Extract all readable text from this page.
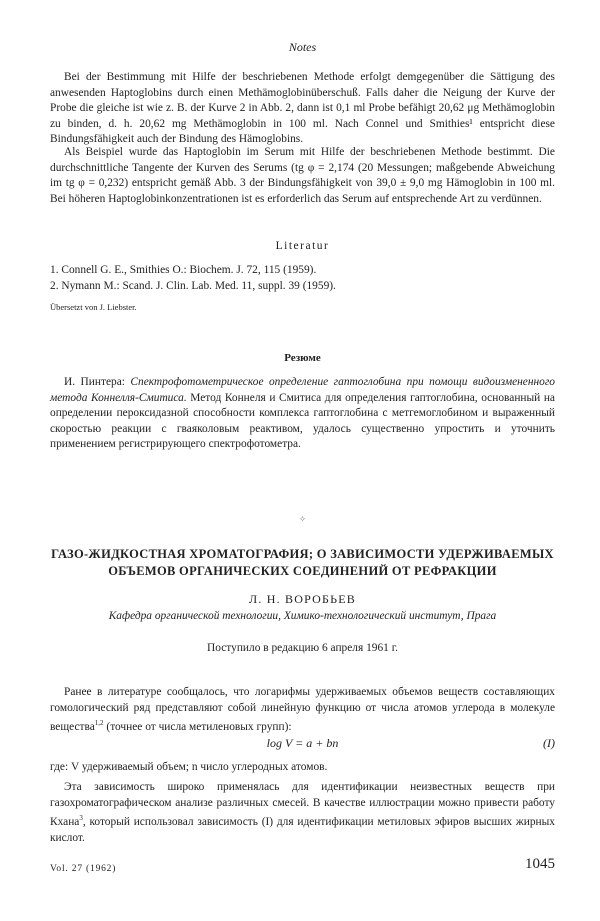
Notes

Bei der Bestimmung mit Hilfe der beschriebenen Methode erfolgt demgegenüber die Sättigung des anwesenden Haptoglobins durch einen Methämoglobinüberschuß. Falls daher die Neigung der Kurve der Probe die gleiche ist wie z. B. der Kurve 2 in Abb. 2, dann ist 0,1 ml Probe befähigt 20,62 μg Methämoglobin zu binden, d. h. 20,62 mg Methämoglobin in 100 ml. Nach Connel und Smithies¹ entspricht diese Bindungsfähigkeit auch der Bindung des Hämoglobins.

Als Beispiel wurde das Haptoglobin im Serum mit Hilfe der beschriebenen Methode bestimmt. Die durchschnittliche Tangente der Kurven des Serums (tg φ = 2,174 (20 Messungen; maßgebende Abweichung im tg φ = 0,232) entspricht gemäß Abb. 3 der Bindungsfähigkeit von 39,0 ± 9,0 mg Hämoglobin in 100 ml. Bei höheren Haptoglobinkonzentrationen ist es erforderlich das Serum auf entsprechende Art zu verdünnen.

Literatur

1. Connell G. E., Smithies O.: Biochem. J. 72, 115 (1959).

2. Nymann M.: Scand. J. Clin. Lab. Med. 11, suppl. 39 (1959).

Übersetzt von J. Liebster.
Резюме

И. Пинтера: Спектрофотометрическое определение гаптоглобина при помощи видоизмененного метода Коннелля-Смитиса. Метод Коннеля и Смитиса для определения гаптоглобина, основанный на определении пероксидазной способности комплекса гаптоглобина с метгемоглобином и выраженный скоростью реакции с гваяколовым реактивом, удалось существенно упростить и уточнить применением регистрирующего спектрофотометра.

✧
ГАЗО-ЖИДКОСТНАЯ ХРОМАТОГРАФИЯ; О ЗАВИСИМОСТИ УДЕРЖИВАЕМЫХ
ОБЪЕМОВ ОРГАНИЧЕСКИХ СОЕДИНЕНИЙ ОТ РЕФРАКЦИИ
Л. Н. ВОРОБЬЕВ
Кафедра органической технологии, Химико-технологический институт, Прага
Поступило в редакцию 6 апреля 1961 г.

Ранее в литературе сообщалось, что логарифмы удерживаемых объемов веществ составляющих гомологический ряд представляют собой линейную функцию от числа атомов углерода в молекуле вещества$^{1,2}$ (точнее от числа метиленовых групп):

log V = a + bn	(I)

где: V удерживаемый объем; n число углеродных атомов.

Эта зависимость широко применялась для идентификации неизвестных веществ при газохроматографическом анализе различных смесей. В качестве иллюстрации можно привести работу Кхана$^3$, который использовал зависимость (I) для идентификации метиловых эфиров высших жирных кислот.

Vol. 27 (1962)	1045
